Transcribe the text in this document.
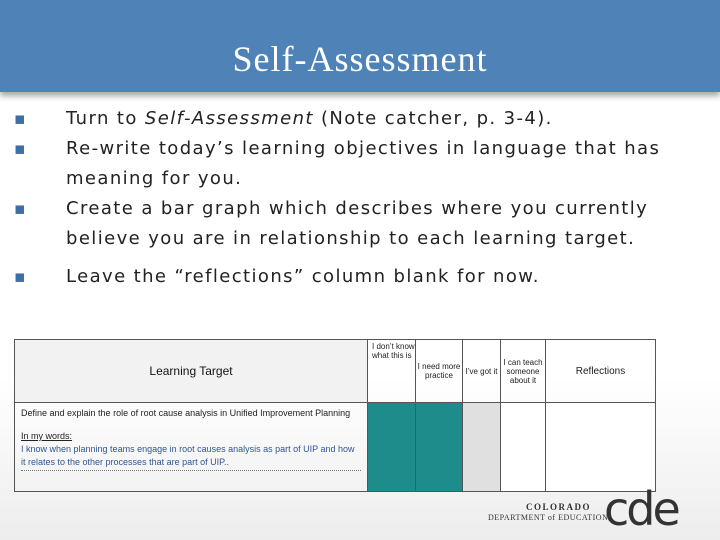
Self-Assessment
▪ Turn to Self-Assessment (Note catcher, p. 3-4).
▪ Re-write today’s learning objectives in language that has meaning for you.
▪ Create a bar graph which describes where you currently believe you are in relationship to each learning target.
▪ Leave the “reflections” column blank for now.
Learning Target	I don’t know what this is	I need more practice	I’ve got it	I can teach someone about it	Reflections

Define and explain the role of root cause analysis in Unified Improvement Planning
In my words:
I know when planning teams engage in root causes analysis as part of UIP and how it relates to the other processes that are part of UIP..					

COLORADO
DEPARTMENT of EDUCATION
cde
